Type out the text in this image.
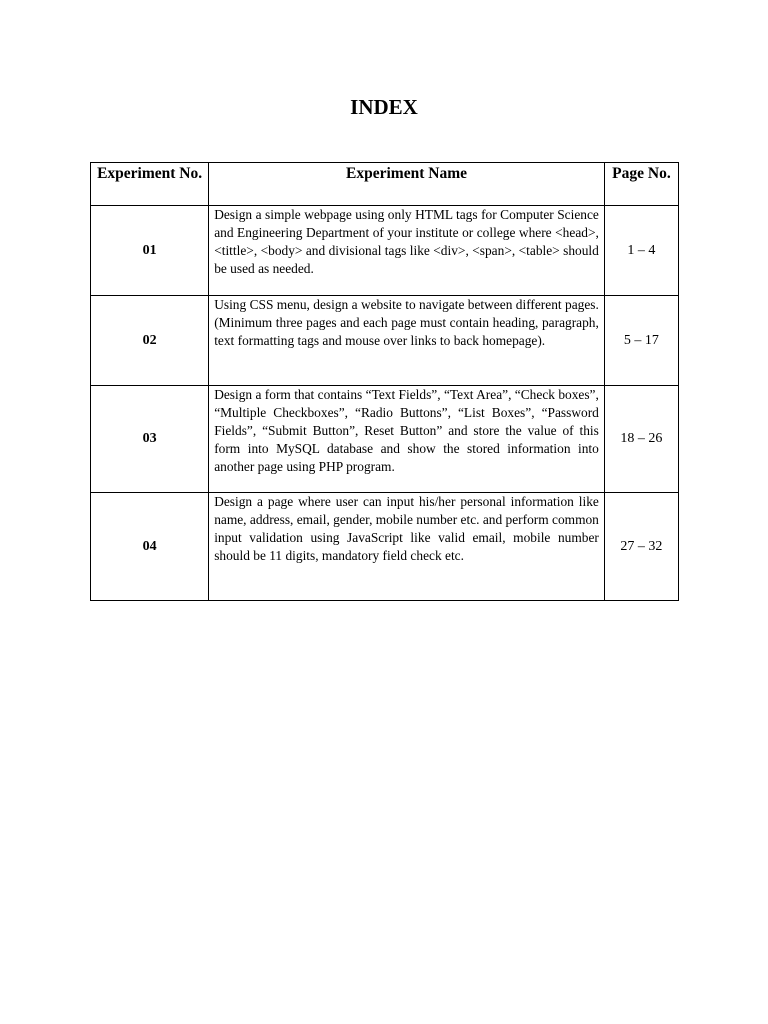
INDEX
Experiment No.	Experiment Name	Page No.
01	Design a simple webpage using only HTML tags for Computer Science and Engineering Department of your institute or college where <head>, <tittle>, <body> and divisional tags like <div>, <span>, <table> should be used as needed.	1 – 4
02	Using CSS menu, design a website to navigate between different pages. (Minimum three pages and each page must contain heading, paragraph, text formatting tags and mouse over links to back homepage).	5 – 17
03	Design a form that contains “Text Fields”, “Text Area”, “Check boxes”, “Multiple Checkboxes”, “Radio Buttons”, “List Boxes”, “Password Fields”, “Submit Button”, Reset Button” and store the value of this form into MySQL database and show the stored information into another page using PHP program.	18 – 26
04	Design a page where user can input his/her personal information like name, address, email, gender, mobile number etc. and perform common input validation using JavaScript like valid email, mobile number should be 11 digits, mandatory field check etc.	27 – 32
